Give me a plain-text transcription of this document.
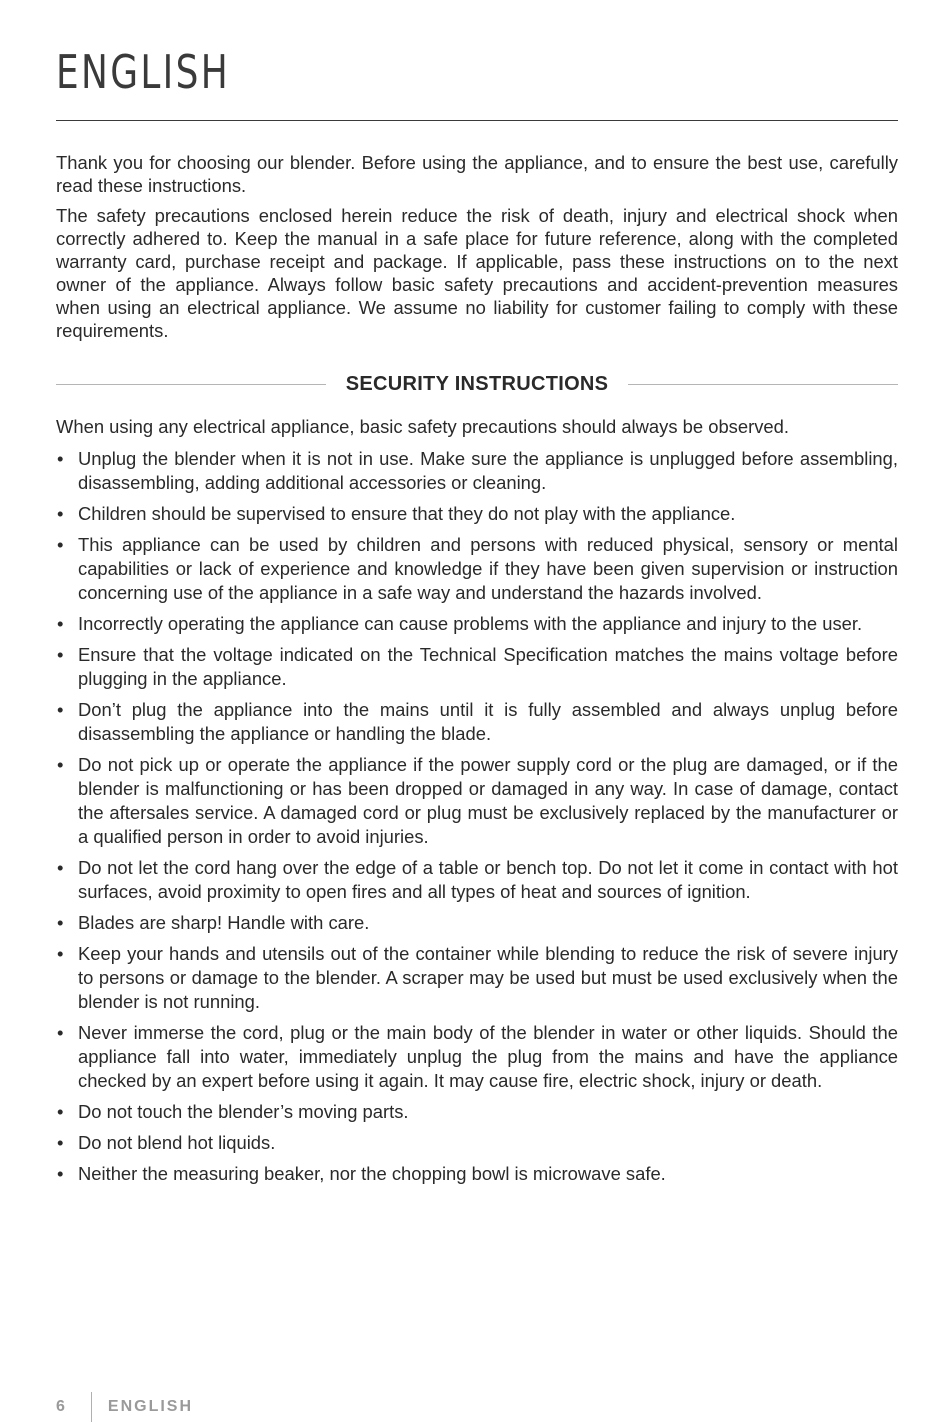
ENGLISH

Thank you for choosing our blender. Before using the appliance, and to ensure the best use, carefully read these instructions.

The safety precautions enclosed herein reduce the risk of death, injury and electrical shock when correctly adhered to. Keep the manual in a safe place for future reference, along with the completed warranty card, purchase receipt and package. If applicable, pass these instructions on to the next owner of the appliance. Always follow basic safety precautions and accident-prevention measures when using an electrical appliance. We assume no liability for customer failing to comply with these requirements.

SECURITY INSTRUCTIONS

When using any electrical appliance, basic safety precautions should always be observed.

• Unplug the blender when it is not in use. Make sure the appliance is unplugged before assembling, disassembling, adding additional accessories or cleaning.
• Children should be supervised to ensure that they do not play with the appliance.
• This appliance can be used by children and persons with reduced physical, sensory or mental capabilities or lack of experience and knowledge if they have been given supervision or instruction concerning use of the appliance in a safe way and understand the hazards involved.
• Incorrectly operating the appliance can cause problems with the appliance and injury to the user.
• Ensure that the voltage indicated on the Technical Specification matches the mains voltage before plugging in the appliance.
• Don’t plug the appliance into the mains until it is fully assembled and always unplug before disassembling the appliance or handling the blade.
• Do not pick up or operate the appliance if the power supply cord or the plug are damaged, or if the blender is malfunctioning or has been dropped or damaged in any way. In case of damage, contact the aftersales service. A damaged cord or plug must be exclusively replaced by the manufacturer or a qualified person in order to avoid injuries.
• Do not let the cord hang over the edge of a table or bench top. Do not let it come in contact with hot surfaces, avoid proximity to open fires and all types of heat and sources of ignition.
• Blades are sharp! Handle with care.
• Keep your hands and utensils out of the container while blending to reduce the risk of severe injury to persons or damage to the blender. A scraper may be used but must be used exclusively when the blender is not running.
• Never immerse the cord, plug or the main body of the blender in water or other liquids. Should the appliance fall into water, immediately unplug the plug from the mains and have the appliance checked by an expert before using it again. It may cause fire, electric shock, injury or death.
• Do not touch the blender’s moving parts.
• Do not blend hot liquids.
• Neither the measuring beaker, nor the chopping bowl is microwave safe.
6	ENGLISH
